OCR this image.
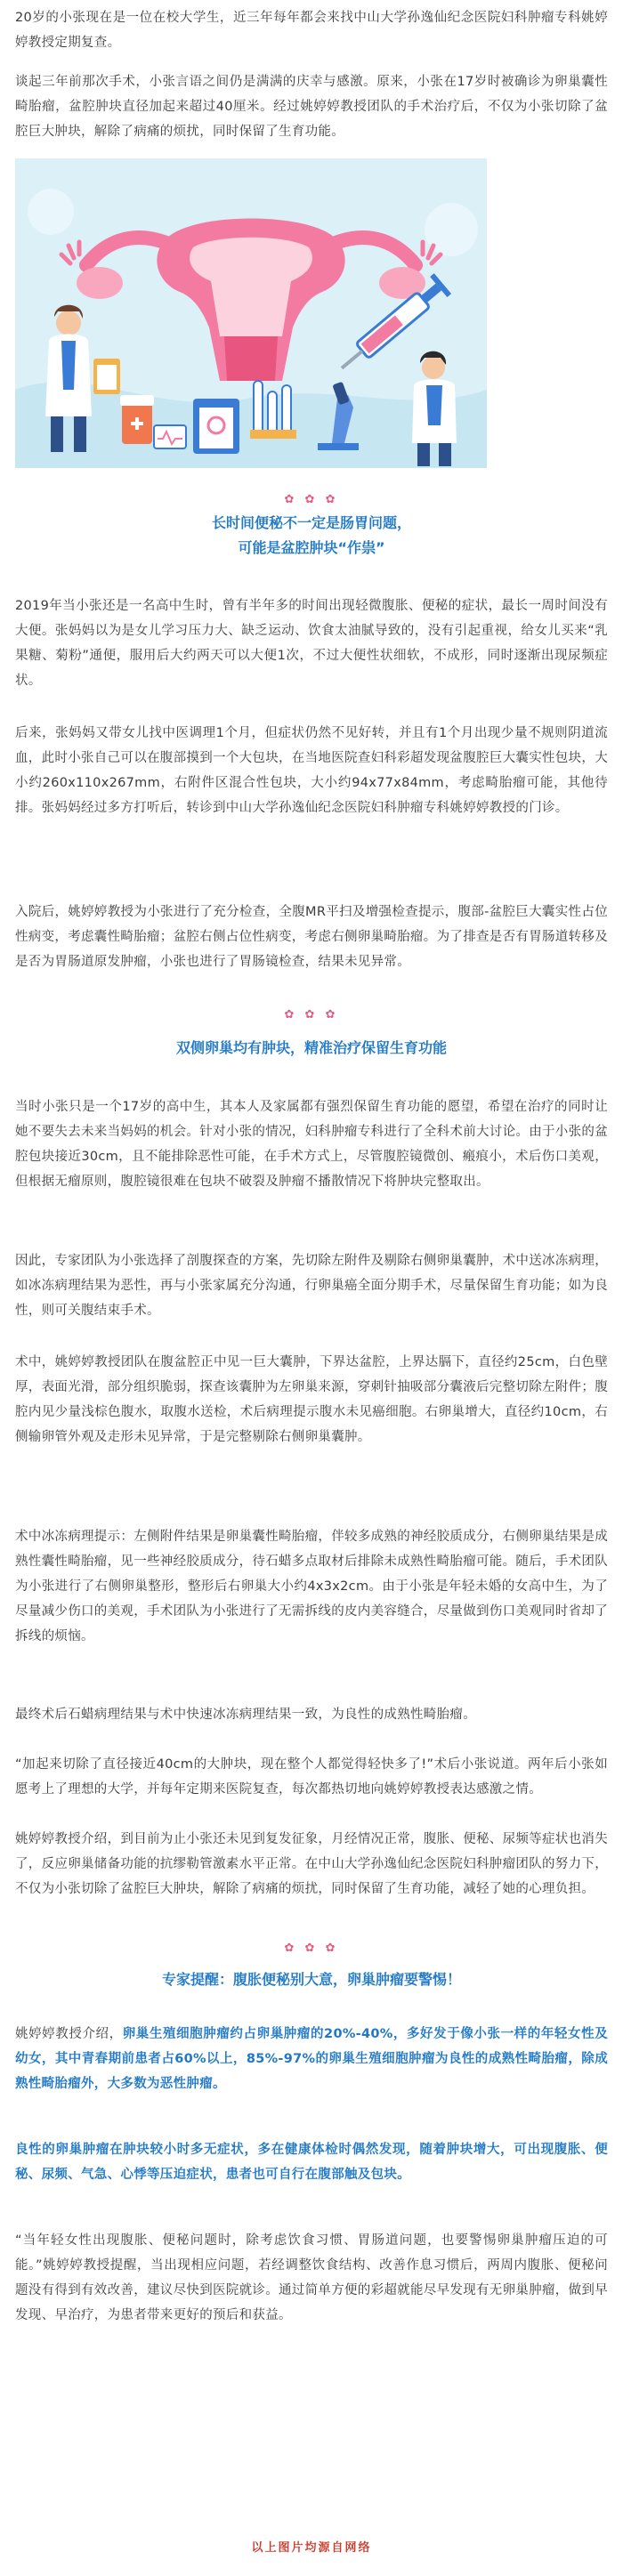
20岁的小张现在是一位在校大学生，近三年每年都会来找中山大学孙逸仙纪念医院妇科肿瘤专科姚婷婷教授定期复查。

谈起三年前那次手术，小张言语之间仍是满满的庆幸与感激。原来，小张在17岁时被确诊为卵巢囊性畸胎瘤，盆腔肿块直径加起来超过40厘米。经过姚婷婷教授团队的手术治疗后，不仅为小张切除了盆腔巨大肿块，解除了病痛的烦扰，同时保留了生育功能。

✿ ✿ ✿
长时间便秘不一定是肠胃问题，
可能是盆腔肿块“作祟”

2019年当小张还是一名高中生时，曾有半年多的时间出现轻微腹胀、便秘的症状，最长一周时间没有大便。张妈妈以为是女儿学习压力大、缺乏运动、饮食太油腻导致的，没有引起重视，给女儿买来“乳果糖、菊粉”通便，服用后大约两天可以大便1次，不过大便性状细软，不成形，同时逐渐出现尿频症状。

后来，张妈妈又带女儿找中医调理1个月，但症状仍然不见好转，并且有1个月出现少量不规则阴道流血，此时小张自己可以在腹部摸到一个大包块，在当地医院查妇科彩超发现盆腹腔巨大囊实性包块，大小约260x110x267mm，右附件区混合性包块，大小约94x77x84mm，考虑畸胎瘤可能，其他待排。张妈妈经过多方打听后，转诊到中山大学孙逸仙纪念医院妇科肿瘤专科姚婷婷教授的门诊。

入院后，姚婷婷教授为小张进行了充分检查，全腹MR平扫及增强检查提示，腹部-盆腔巨大囊实性占位性病变，考虑囊性畸胎瘤；盆腔右侧占位性病变，考虑右侧卵巢畸胎瘤。为了排查是否有胃肠道转移及是否为胃肠道原发肿瘤，小张也进行了胃肠镜检查，结果未见异常。

✿ ✿ ✿
双侧卵巢均有肿块，精准治疗保留生育功能

当时小张只是一个17岁的高中生，其本人及家属都有强烈保留生育功能的愿望，希望在治疗的同时让她不要失去未来当妈妈的机会。针对小张的情况，妇科肿瘤专科进行了全科术前大讨论。由于小张的盆腔包块接近30cm，且不能排除恶性可能，在手术方式上，尽管腹腔镜微创、瘢痕小，术后伤口美观，但根据无瘤原则，腹腔镜很难在包块不破裂及肿瘤不播散情况下将肿块完整取出。

因此，专家团队为小张选择了剖腹探查的方案，先切除左附件及剔除右侧卵巢囊肿，术中送冰冻病理，如冰冻病理结果为恶性，再与小张家属充分沟通，行卵巢癌全面分期手术，尽量保留生育功能；如为良性，则可关腹结束手术。

术中，姚婷婷教授团队在腹盆腔正中见一巨大囊肿，下界达盆腔，上界达膈下，直径约25cm，白色壁厚，表面光滑，部分组织脆弱，探查该囊肿为左卵巢来源，穿刺针抽吸部分囊液后完整切除左附件；腹腔内见少量浅棕色腹水，取腹水送检，术后病理提示腹水未见癌细胞。右卵巢增大，直径约10cm，右侧输卵管外观及走形未见异常，于是完整剔除右侧卵巢囊肿。

术中冰冻病理提示：左侧附件结果是卵巢囊性畸胎瘤，伴较多成熟的神经胶质成分，右侧卵巢结果是成熟性囊性畸胎瘤，见一些神经胶质成分，待石蜡多点取材后排除未成熟性畸胎瘤可能。随后，手术团队为小张进行了右侧卵巢整形，整形后右卵巢大小约4x3x2cm。由于小张是年轻未婚的女高中生，为了尽量减少伤口的美观，手术团队为小张进行了无需拆线的皮内美容缝合，尽量做到伤口美观同时省却了拆线的烦恼。

最终术后石蜡病理结果与术中快速冰冻病理结果一致，为良性的成熟性畸胎瘤。

“加起来切除了直径接近40cm的大肿块，现在整个人都觉得轻快多了!”术后小张说道。两年后小张如愿考上了理想的大学，并每年定期来医院复查，每次都热切地向姚婷婷教授表达感激之情。

姚婷婷教授介绍，到目前为止小张还未见到复发征象，月经情况正常，腹胀、便秘、尿频等症状也消失了，反应卵巢储备功能的抗缪勒管激素水平正常。在中山大学孙逸仙纪念医院妇科肿瘤团队的努力下，不仅为小张切除了盆腔巨大肿块，解除了病痛的烦扰，同时保留了生育功能，减轻了她的心理负担。

✿ ✿ ✿
专家提醒：腹胀便秘别大意，卵巢肿瘤要警惕！

姚婷婷教授介绍，卵巢生殖细胞肿瘤约占卵巢肿瘤的20%-40%，多好发于像小张一样的年轻女性及幼女，其中青春期前患者占60%以上，85%-97%的卵巢生殖细胞肿瘤为良性的成熟性畸胎瘤，除成熟性畸胎瘤外，大多数为恶性肿瘤。

良性的卵巢肿瘤在肿块较小时多无症状，多在健康体检时偶然发现，随着肿块增大，可出现腹胀、便秘、尿频、气急、心悸等压迫症状，患者也可自行在腹部触及包块。

“当年轻女性出现腹胀、便秘问题时，除考虑饮食习惯、胃肠道问题，也要警惕卵巢肿瘤压迫的可能。”姚婷婷教授提醒，当出现相应问题，若经调整饮食结构、改善作息习惯后，两周内腹胀、便秘问题没有得到有效改善，建议尽快到医院就诊。通过简单方便的彩超就能尽早发现有无卵巢肿瘤，做到早发现、早治疗，为患者带来更好的预后和获益。

以上图片均源自网络
